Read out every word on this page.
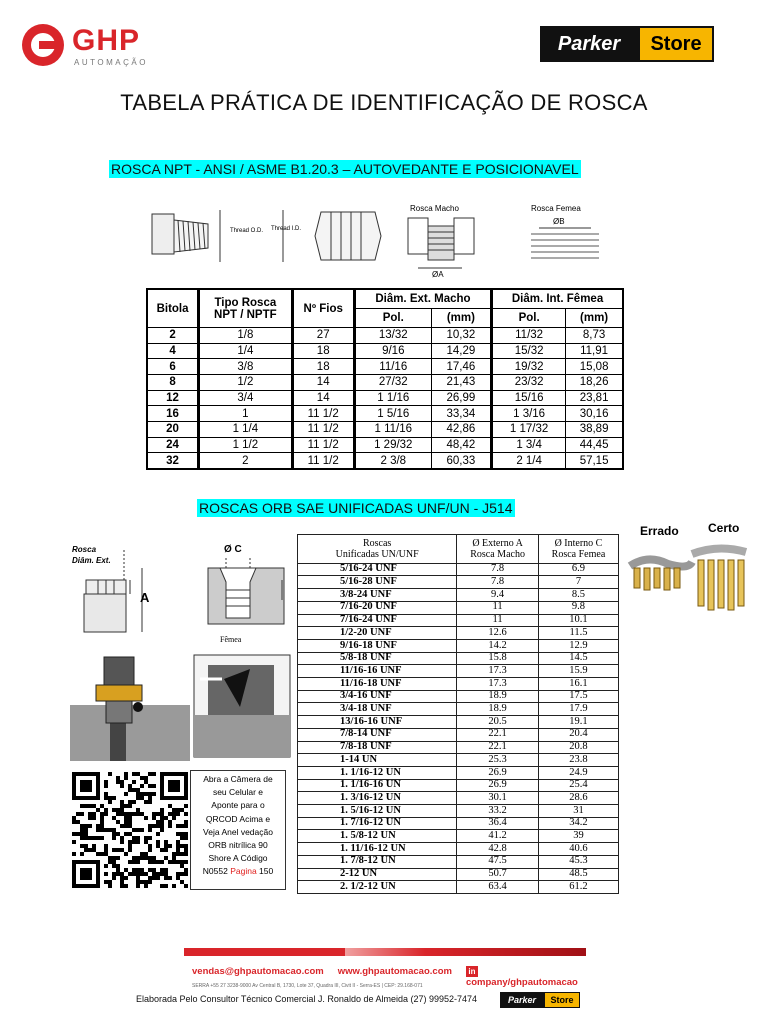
GHP
AUTOMAÇÃO
Parker	Store
TABELA PRÁTICA DE IDENTIFICAÇÃO DE ROSCA
ROSCA NPT - ANSI / ASME B1.20.3 – AUTOVEDANTE E POSICIONAVEL
Thread O.D. Thread I.D.
Rosca Macho
ØA
Rosca Femea
ØB
Bitola	Tipo Rosca
NPT / NPTF	Nº Fios	Diâm. Ext. Macho		Diâm. Int. Fêmea	
			Pol.	(mm)	Pol.	(mm)
2	1/8	27	13/32	10,32	11/32	8,73
4	1/4	18	9/16	14,29	15/32	11,91
6	3/8	18	11/16	17,46	19/32	15,08
8	1/2	14	27/32	21,43	23/32	18,26
12	3/4	14	1 1/16	26,99	15/16	23,81
16	1	11 1/2	1 5/16	33,34	1 3/16	30,16
20	1 1/4	11 1/2	1 11/16	42,86	1 17/32	38,89
24	1 1/2	11 1/2	1 29/32	48,42	1 3/4	44,45
32	2	11 1/2	2 3/8	60,33	2 1/4	57,15
ROSCAS ORB SAE UNIFICADAS UNF/UN - J514
Rosca
Diâm. Ext.
A
Ø C
Fêmea
Roscas
Unificadas UN/UNF	Ø Externo A
Rosca Macho	Ø Interno C
Rosca Femea
5/16-24 UNF	7.8	6.9
5/16-28 UNF	7.8	7
3/8-24 UNF	9.4	8.5
7/16-20 UNF	11	9.8
7/16-24 UNF	11	10.1
1/2-20 UNF	12.6	11.5
9/16-18 UNF	14.2	12.9
5/8-18 UNF	15.8	14.5
11/16-16 UNF	17.3	15.9
11/16-18 UNF	17.3	16.1
3/4-16 UNF	18.9	17.5
3/4-18 UNF	18.9	17.9
13/16-16 UNF	20.5	19.1
7/8-14 UNF	22.1	20.4
7/8-18 UNF	22.1	20.8
1-14 UN	25.3	23.8
1. 1/16-12 UN	26.9	24.9
1. 1/16-16 UN	26.9	25.4
1. 3/16-12 UN	30.1	28.6
1. 5/16-12 UN	33.2	31
1. 7/16-12 UN	36.4	34.2
1. 5/8-12 UN	41.2	39
1. 11/16-12 UN	42.8	40.6
1. 7/8-12 UN	47.5	45.3
2-12 UN	50.7	48.5
2. 1/2-12 UN	63.4	61.2
Errado Certo
Abra a Câmera de
seu Celular e
Aponte para o
QRCOD Acima e
Veja Anel vedação
ORB nitrílica 90
Shore A Código
N0552 Pagina 150
vendas@ghpautomacao.com www.ghpautomacao.com	incompany/ghpautomacao
SERRA +55 27 3238-9000 Av Central B, 1730, Lote 37, Quadra III, Civit II - Serra-ES | CEP: 29.168-071
Elaborada Pelo Consultor Técnico Comercial J. Ronaldo de Almeida (27) 99952-7474	Parker	Store
